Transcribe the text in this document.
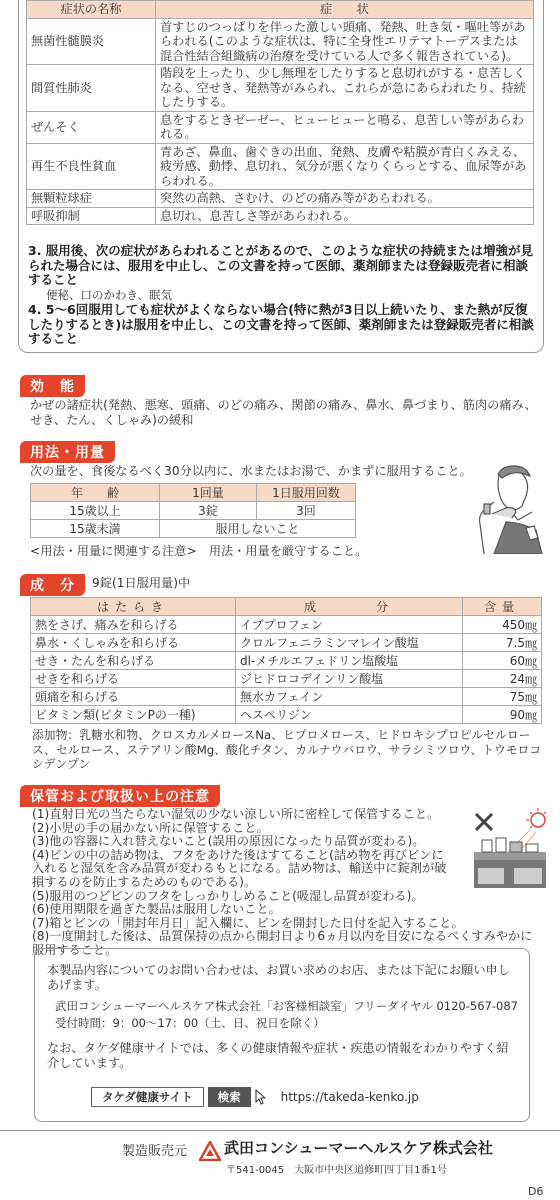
症状の名称	症　　状
無菌性髄膜炎	首すじのつっぱりを伴った激しい頭痛、発熱、吐き気・嘔吐等があらわれる(このような症状は、特に全身性エリテマトーデスまたは混合性結合組織病の治療を受けている人で多く報告されている)。
間質性肺炎	階段を上ったり、少し無理をしたりすると息切れがする・息苦しくなる、空せき、発熱等がみられ、これらが急にあらわれたり、持続したりする。
ぜんそく	息をするときゼーゼー、ヒューヒューと鳴る、息苦しい等があらわれる。
再生不良性貧血	青あざ、鼻血、歯ぐきの出血、発熱、皮膚や粘膜が青白くみえる、疲労感、動悸、息切れ、気分が悪くなりくらっとする、血尿等があらわれる。
無顆粒球症	突然の高熱、さむけ、のどの痛み等があらわれる。
呼吸抑制	息切れ、息苦しさ等があらわれる。
3. 服用後、次の症状があらわれることがあるので、このような症状の持続または増強が見られた場合には、服用を中止し、この文書を持って医師、薬剤師または登録販売者に相談すること
便秘、口のかわき、眠気
4. 5～6回服用しても症状がよくならない場合(特に熱が3日以上続いたり、また熱が反復したりするとき)は服用を中止し、この文書を持って医師、薬剤師または登録販売者に相談すること
効　能
かぜの諸症状(発熱、悪寒、頭痛、のどの痛み、関節の痛み、鼻水、鼻づまり、筋肉の痛み、せき、たん、くしゃみ)の緩和
用法・用量
次の量を、食後なるべく30分以内に、水またはお湯で、かまずに服用すること。
年　　齢	1回量	1日服用回数
15歳以上	3錠	3回
15歳未満	服用しないこと	
<用法・用量に関連する注意>　用法・用量を厳守すること。
成　分	9錠(1日服用量)中
はたらき	成　　　分	含量
熱をさげ、痛みを和らげる	イブプロフェン	450㎎
鼻水・くしゃみを和らげる	クロルフェニラミンマレイン酸塩	7.5㎎
せき・たんを和らげる	dl-メチルエフェドリン塩酸塩	60㎎
せきを和らげる	ジヒドロコデインリン酸塩	24㎎
頭痛を和らげる	無水カフェイン	75㎎
ビタミン類(ビタミンPの一種)	ヘスペリジン	90㎎
添加物：乳糖水和物、クロスカルメロースNa、ヒプロメロース、ヒドロキシプロピルセルロース、セルロース、ステアリン酸Mg、酸化チタン、カルナウバロウ、サラシミツロウ、トウモロコシデンプン
保管および取扱い上の注意
(1)直射日光の当たらない湿気の少ない涼しい所に密栓して保管すること。
(2)小児の手の届かない所に保管すること。
(3)他の容器に入れ替えないこと(誤用の原因になったり品質が変わる)。
(4)ビンの中の詰め物は、フタをあけた後はすてること(詰め物を再びビンに入れると湿気を含み品質が変わるもとになる。詰め物は、輸送中に錠剤が破損するのを防止するためのものである)。
(5)服用のつどビンのフタをしっかりしめること(吸湿し品質が変わる)。
(6)使用期限を過ぎた製品は服用しないこと。
(7)箱とビンの「開封年月日」記入欄に、ビンを開封した日付を記入すること。
(8)一度開封した後は、品質保持の点から開封日より6ヵ月以内を目安になるべくすみやかに服用すること。
本製品内容についてのお問い合わせは、お買い求めのお店、または下記にお願い申しあげます。
武田コンシューマーヘルスケア株式会社「お客様相談室」フリーダイヤル 0120-567-087
受付時間：9：00～17：00（土、日、祝日を除く）
なお、タケダ健康サイトでは、多くの健康情報や症状・疾患の情報をわかりやすく紹介しています。
タケダ健康サイト	検索	https://takeda-kenko.jp
製造販売元 武田コンシューマーヘルスケア株式会社
〒541-0045　大阪市中央区道修町四丁目1番1号
D6
